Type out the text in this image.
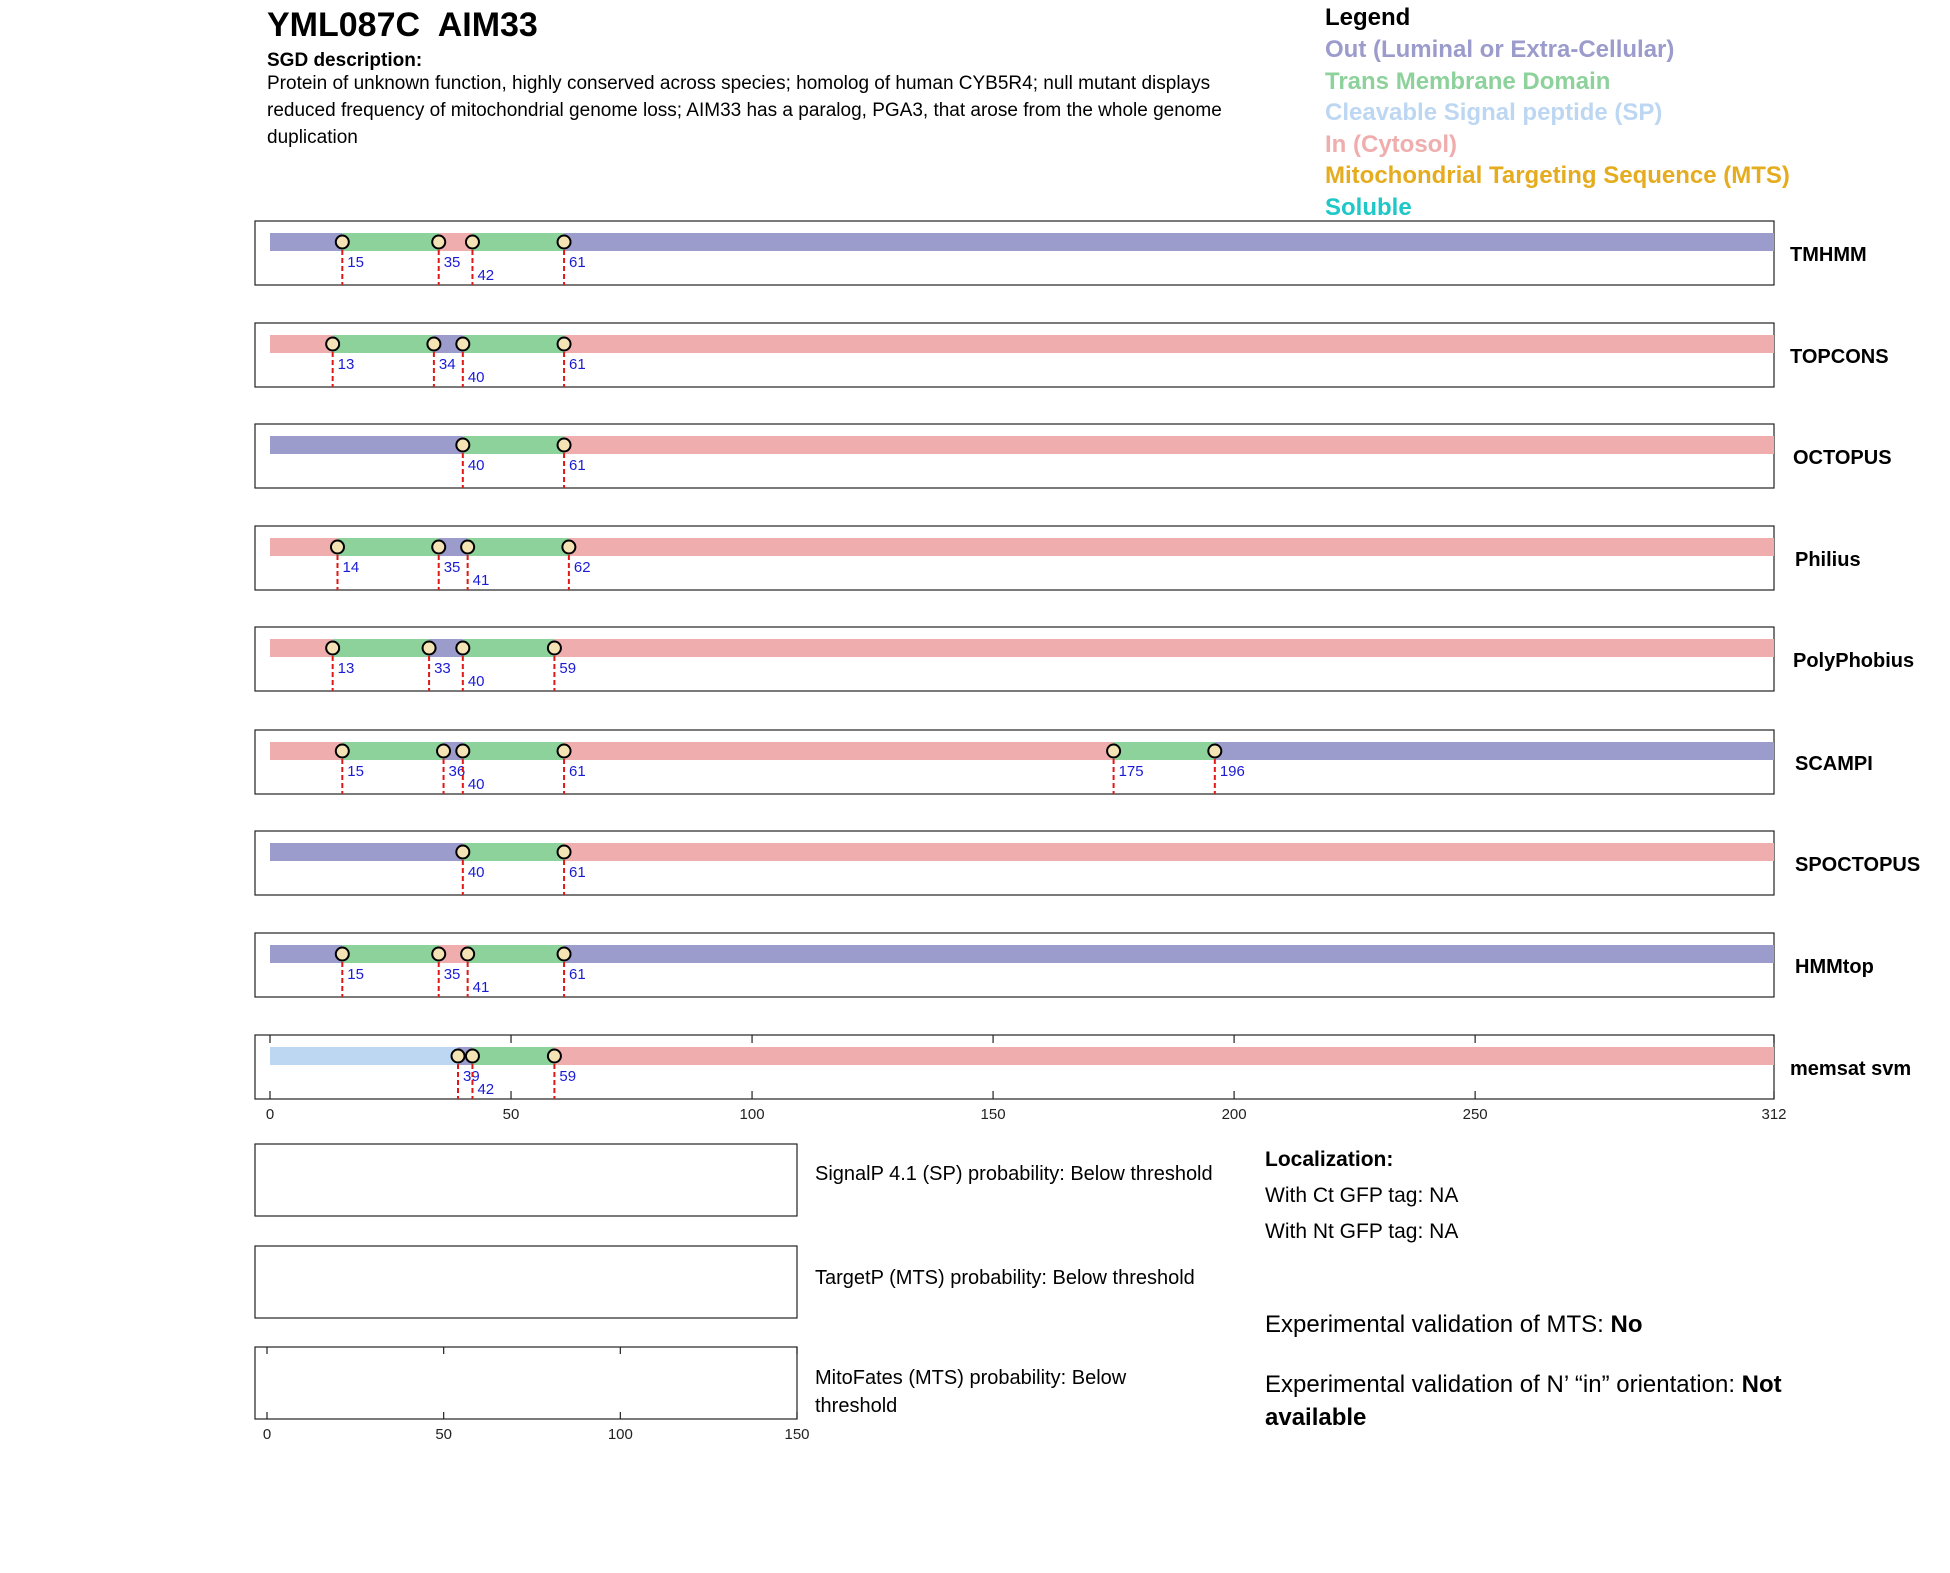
YML087C AIM33
SGD description:
Protein of unknown function, highly conserved across species; homolog of human CYB5R4; null mutant displays reduced frequency of mitochondrial genome loss; AIM33 has a paralog, PGA3, that arose from the whole genome duplication
Legend
Out (Luminal or Extra-Cellular)
Trans Membrane Domain
Cleavable Signal peptide (SP)
In (Cytosol)
Mitochondrial Targeting Sequence (MTS)
Soluble
TMHMM
15	35
42
61
TOPCONS
13	34
40
61
OCTOPUS
40	61
Philius
14	35
41
62
PolyPhobius
13	33
40
59
SCAMPI
15	36
40
61	175	196
SPOCTOPUS
40	61
HMMtop
15	35
41
61
memsat svm
39
42
59
0	50	100	150	200	250	312
0	50	100	150
SignalP 4.1 (SP) probability: Below threshold
TargetP (MTS) probability: Below threshold
MitoFates (MTS) probability: Below threshold
Localization:
With Ct GFP tag: NA
With Nt GFP tag: NA
Experimental validation of MTS: No
Experimental validation of N’ “in” orientation: Not available
